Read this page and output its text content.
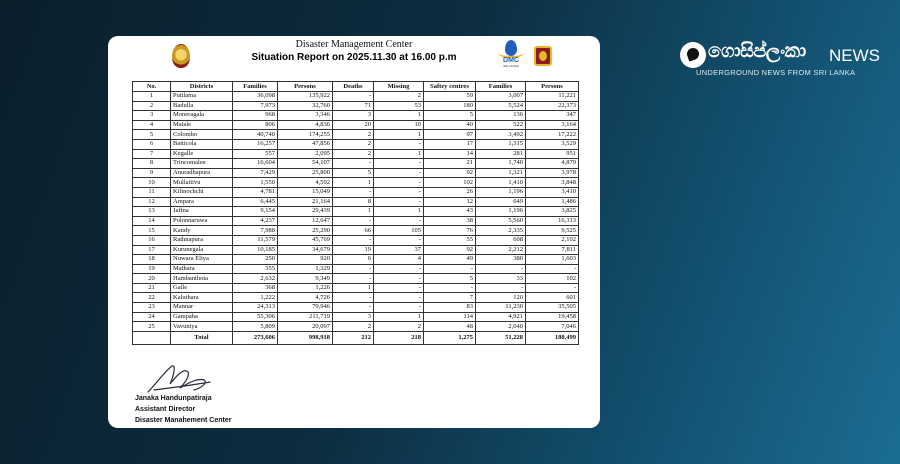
Disaster Management Center
Situation Report on 2025.11.30 at 16.00 p.m	DMC
SRI LANKA
No.	Districts	Families	Persons	Deaths	Missing	Saftey centres	Families	Persons
1	Puttlama	36,098	135,922	-	2	59	3,007	11,221
2	Badulla	7,973	32,760	71	53	180	5,524	22,373
3	Moneragala	968	3,346	3	1	5	136	347
4	Matale	806	4,836	20	10	40	522	3,164
5	Colombo	40,740	174,255	2	1	97	3,492	17,222
6	Batticola	16,257	47,856	2	-	17	1,315	3,529
7	Kegalle	557	2,095	2	1	14	281	951
8	Trincomalee	16,604	54,107	-	-	21	1,740	4,879
9	Anuradhapura	7,429	25,800	5	-	92	1,321	3,978
10	Mullaitivu	1,550	4,592	1	-	102	1,410	3,848
11	Kilinochchi	4,781	15,049	-	-	26	1,196	3,410
12	Ampara	6,445	21,164	8	-	12	649	1,486
13	Jaffna	9,154	29,439	1	1	43	1,196	3,825
14	Polonnaruwa	4,237	12,647	-	-	38	5,560	16,313
15	Kandy	7,988	25,290	66	105	76	2,335	9,525
16	Rathnapura	11,579	45,769	-	-	55	608	2,102
17	Kurunegala	10,185	34,679	19	37	92	2,212	7,811
18	Nuwara Eliya	250	920	6	4	49	380	1,603
19	Mathara	355	1,329	-	-	-	-	-
20	Hambanthota	2,632	9,349	-	-	5	33	102
21	Galle	368	1,226	1	-	-	-	-
22	Kaluthara	1,222	4,726	-	-	7	120	601
23	Mannar	24,313	79,946	-	-	83	11,230	35,505
24	Gampaha	55,306	211,719	3	1	114	4,921	19,458
25	Vavuniya	5,809	20,097	2	2	48	2,040	7,046
	Total	273,606	998,918	212	218	1,275	51,228	180,499
Janaka Handunpatiraja
Assistant Director
Disaster Manahement Center
ගොසිප්ලංකා NEWS
UNDERGROUND NEWS FROM SRI LANKA
